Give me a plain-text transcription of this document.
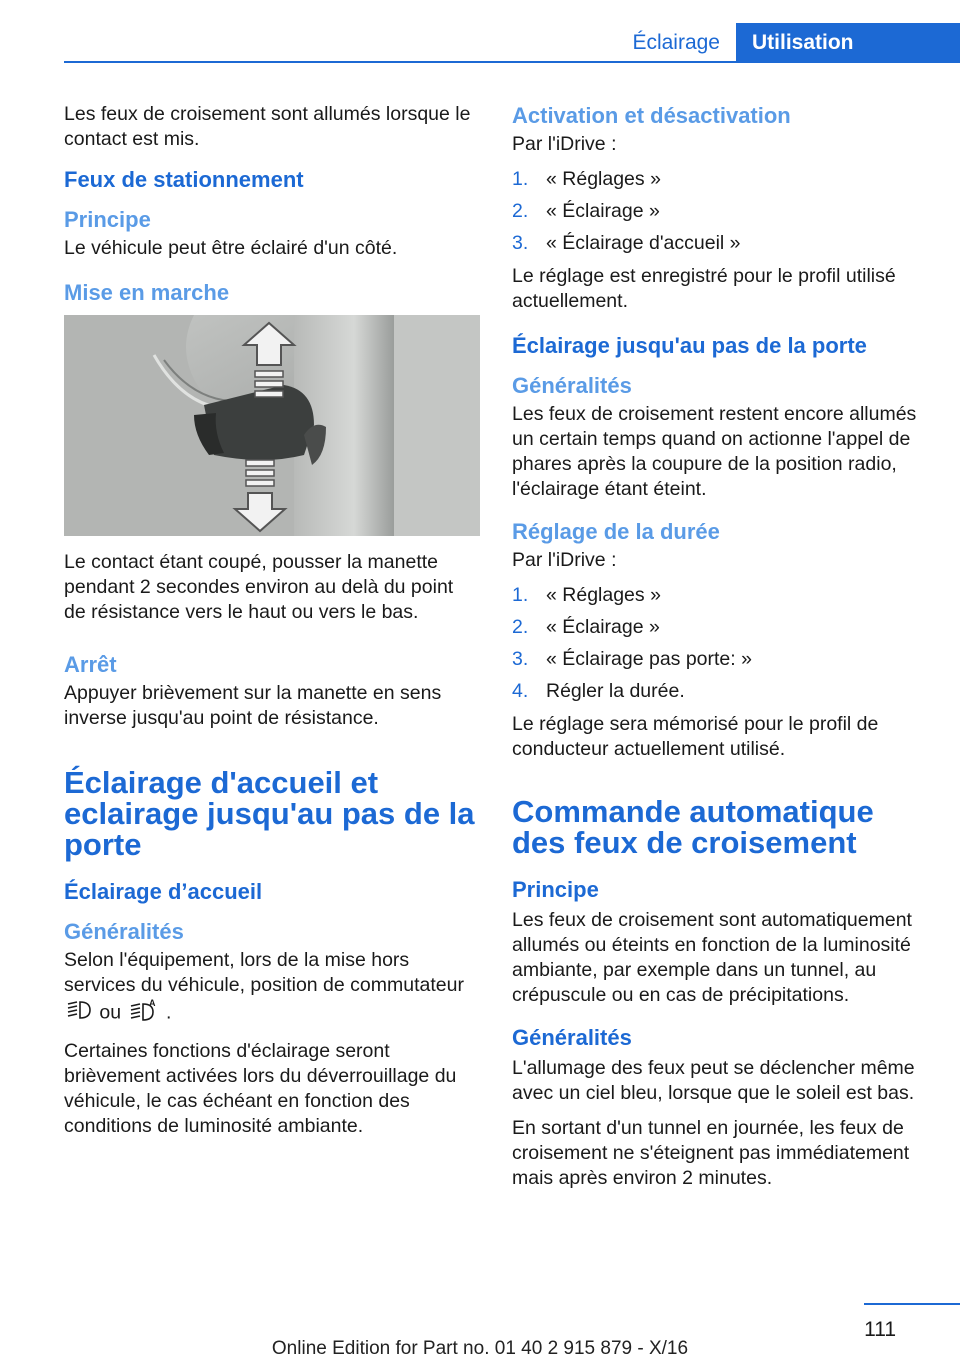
Éclairage	Utilisation

Les feux de croisement sont allumés lorsque le contact est mis.

Feux de stationnement
Principe

Le véhicule peut être éclairé d'un côté.

Mise en marche

Le contact étant coupé, pousser la manette pendant 2 secondes environ au delà du point de résistance vers le haut ou vers le bas.

Arrêt

Appuyer brièvement sur la manette en sens inverse jusqu'au point de résistance.

Éclairage d'accueil et eclairage jusqu'au pas de la porte
Éclairage d’accueil
Généralités

Selon l'équipement, lors de la mise hors services du véhicule, position de commutateur  ou	A .

Certaines fonctions d'éclairage seront brièvement activées lors du déverrouillage du véhicule, le cas échéant en fonction des conditions de luminosité ambiante.

Activation et désactivation

Par l'iDrive :

1. « Réglages »
2. « Éclairage »
3. « Éclairage d'accueil »

Le réglage est enregistré pour le profil utilisé actuellement.

Éclairage jusqu'au pas de la porte
Généralités

Les feux de croisement restent encore allumés un certain temps quand on actionne l'appel de phares après la coupure de la position radio, l'éclairage étant éteint.

Réglage de la durée

Par l'iDrive :

1. « Réglages »
2. « Éclairage »
3. « Éclairage pas porte: »
4. Régler la durée.

Le réglage sera mémorisé pour le profil de conducteur actuellement utilisé.

Commande automatique des feux de croisement
Principe

Les feux de croisement sont automatiquement allumés ou éteints en fonction de la luminosité ambiante, par exemple dans un tunnel, au crépuscule ou en cas de précipitations.

Généralités

L'allumage des feux peut se déclencher même avec un ciel bleu, lorsque que le soleil est bas.

En sortant d'un tunnel en journée, les feux de croisement ne s'éteignent pas immédiatement mais après environ 2 minutes.

111
Online Edition for Part no. 01 40 2 915 879 - X/16
